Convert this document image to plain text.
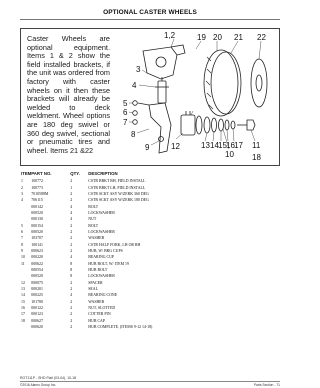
OPTIONAL CASTER WHEELS
Caster Wheels are optional equipment. Items 1 & 2 show the field installed brackets, if the unit was ordered from factory with caster wheels on it then these brackets will already be welded to deck weldment. Wheel options are 180 deg swivel or 360 deg swivel, sectional or pneumatic tires and wheel. Items 21 &22
1,2	19 20 21 22
3
4
5
6
7
8
9
10
11
12	13 14 15 16 17
18
ITEM	PART NO.	QTY.	DESCRIPTION
1	100772	2	CSTR BRKT RH, FIELD INSTALL
2	100773	1	CSTR BRKT LH, FIELD INSTALL
3	7010588M	2	CSTR SCKT ASY W/ZERK 360 DEG
4	706115	2	CSTR SCKT ASY W/ZERK 180 DEG
	000142	4	BOLT
	000520	4	LOCKWASHER
	000130	4	NUT
5	000154	2	BOLT
6	000520	2	LOCKWASHER
7	103707	2	WASHER
8	100141	2	CSTR HALF FORK, LH OR RH
9	000623	2	HUB, W/ BRG CUPS
10	000220	4	BEARING CUP
11	000622	8	HUB BOLT, W/ ITEM 19
	000554	8	HUB BOLT
	000520	8	LOCKWASHER
12	000075	2	SPACER
13	000201	2	SEAL
14	000225	4	BEARING CONE
15	101780	2	WASHER
16	000122	2	NUT, SLOTTED
17	000123	2	COTTER PIN
18	000627	2	HUB CAP
	000620	2	HUB COMPLETE, (ITEMS 9-12 14-18)
ROT111P - SHD Flail (03-04), 10-18
©2016 Alamo Group Inc.	Parts Section - 71
